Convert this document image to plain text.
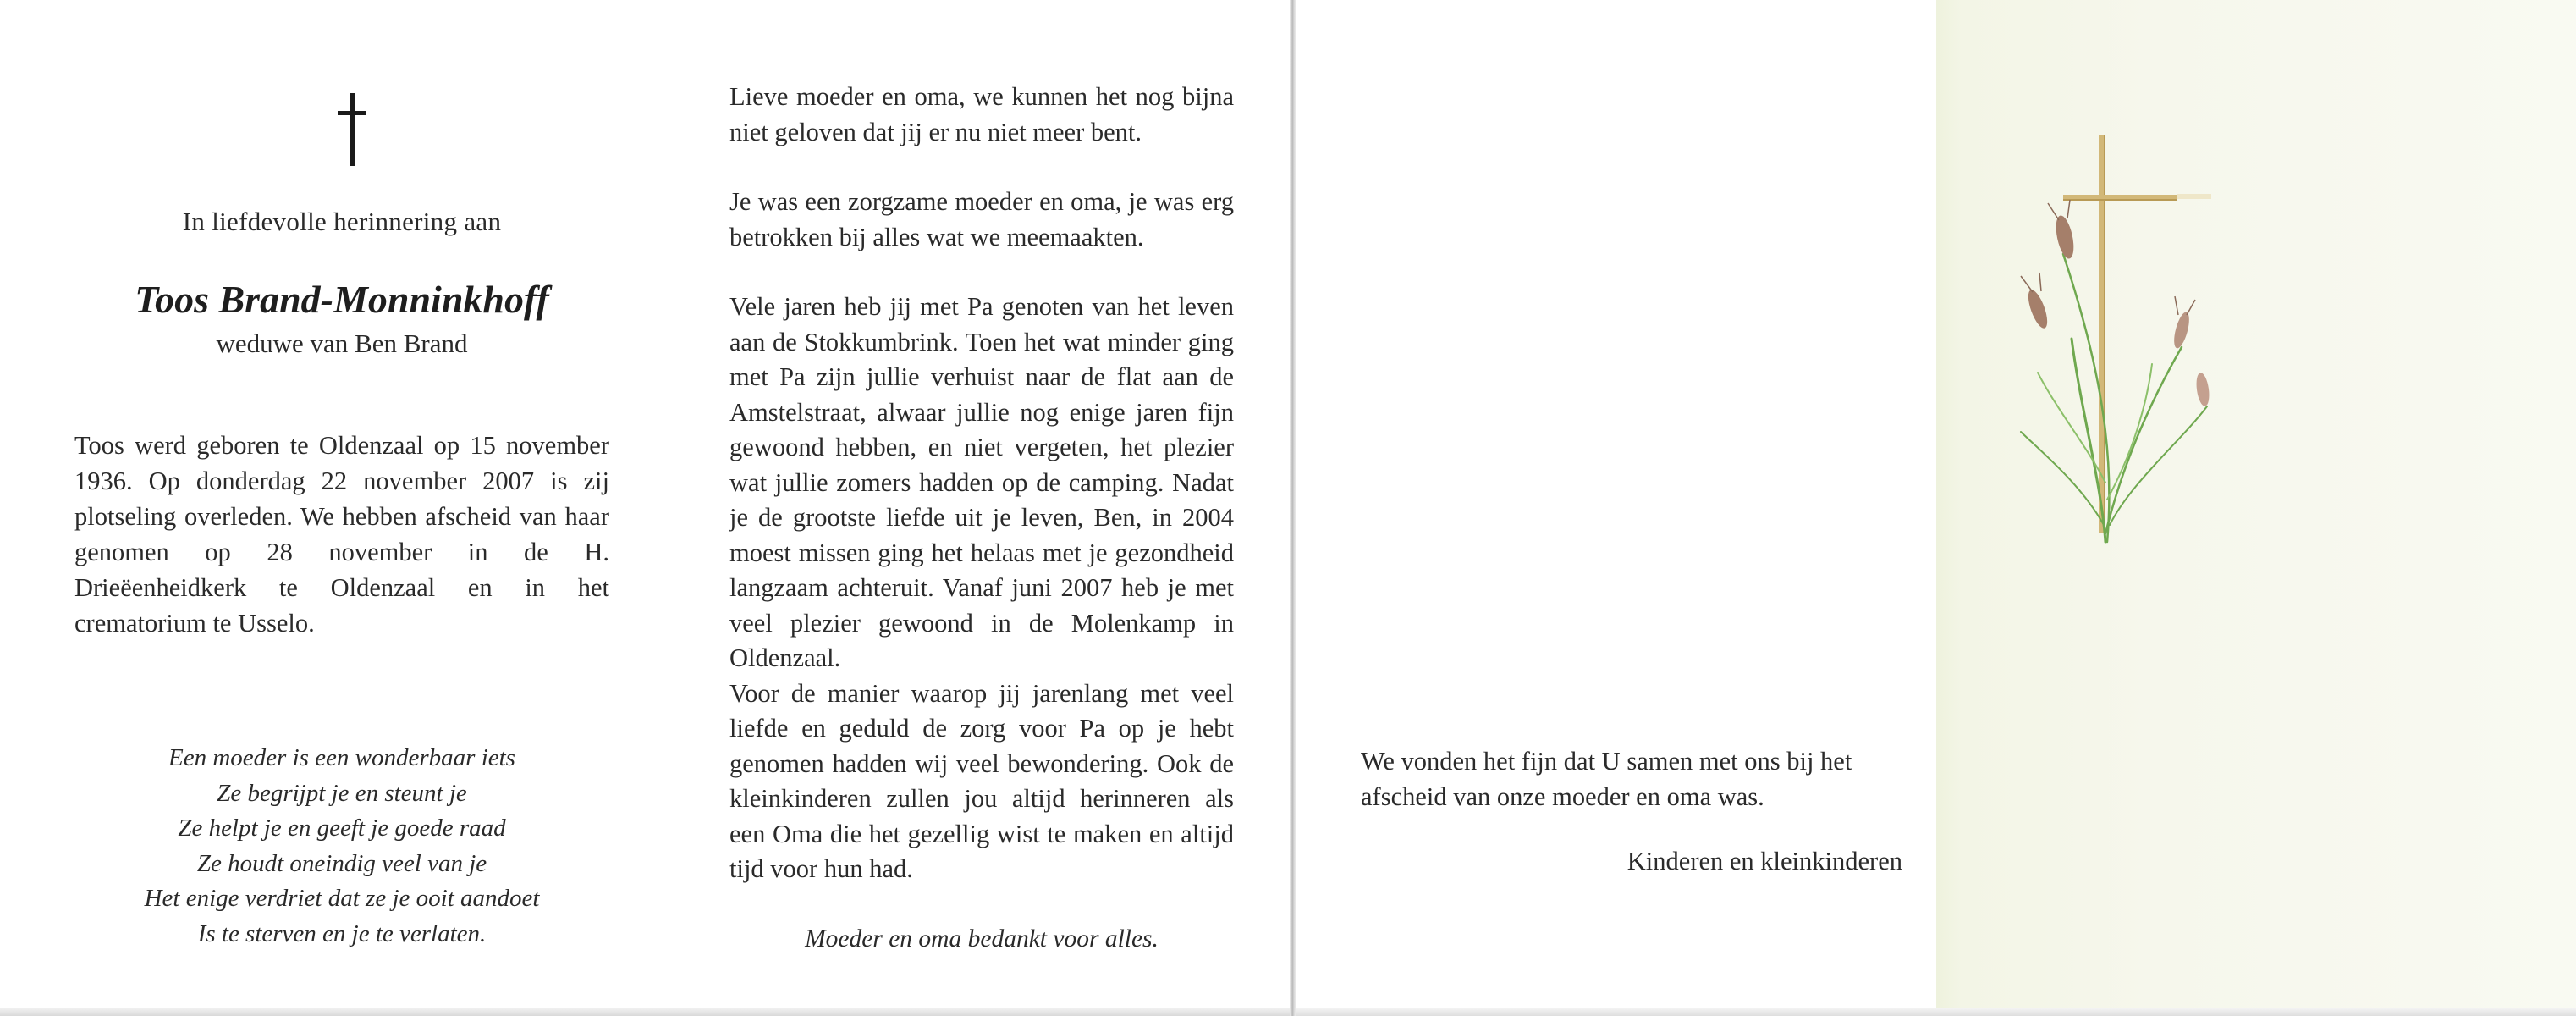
In liefdevolle herinnering aan
Toos Brand-Monninkhoff
weduwe van Ben Brand

Toos werd geboren te Oldenzaal op 15 november 1936. Op donderdag 22 november 2007 is zij plotseling overleden. We hebben afscheid van haar genomen op 28 november in de H. Drieëenheidkerk te Oldenzaal en in het crematorium te Usselo.

Een moeder is een wonderbaar iets
Ze begrijpt je en steunt je
Ze helpt je en geeft je goede raad
Ze houdt oneindig veel van je
Het enige verdriet dat ze je ooit aandoet
Is te sterven en je te verlaten.

Lieve moeder en oma, we kunnen het nog bijna niet geloven dat jij er nu niet meer bent.

Je was een zorgzame moeder en oma, je was erg betrokken bij alles wat we meemaakten.

Vele jaren heb jij met Pa genoten van het leven aan de Stokkumbrink. Toen het wat minder ging met Pa zijn jullie verhuist naar de flat aan de Amstelstraat, alwaar jullie nog enige jaren fijn gewoond hebben, en niet vergeten, het plezier wat jullie zomers hadden op de camping. Nadat je de grootste liefde uit je leven, Ben, in 2004 moest missen ging het helaas met je gezondheid langzaam achteruit. Vanaf juni 2007 heb je met veel plezier gewoond in de Molenkamp in Oldenzaal.

Voor de manier waarop jij jarenlang met veel liefde en geduld de zorg voor Pa op je hebt genomen hadden wij veel bewondering. Ook de kleinkinderen zullen jou altijd herinneren als een Oma die het gezellig wist te maken en altijd tijd voor hun had.

Moeder en oma bedankt voor alles.

We vonden het fijn dat U samen met ons bij het afscheid van onze moeder en oma was.

Kinderen en kleinkinderen
